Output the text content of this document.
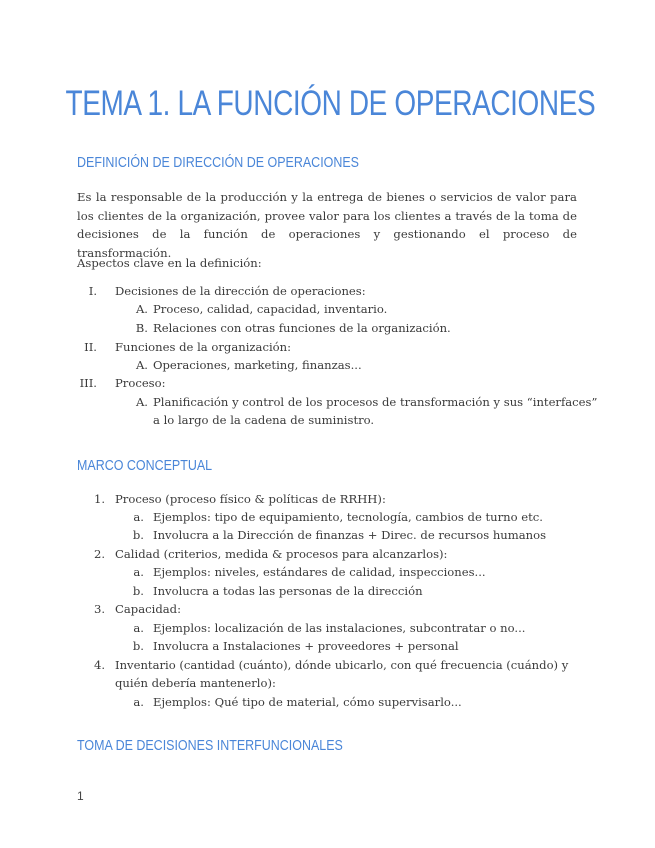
TEMA 1. LA FUNCIÓN DE OPERACIONES
DEFINICIÓN DE DIRECCIÓN DE OPERACIONES
Es la responsable de la producción y la entrega de bienes o servicios de valor para los clientes de la organización, provee valor para los clientes a través de la toma de decisiones de la función de operaciones y gestionando el proceso de transformación.
Aspectos clave en la definición:
I. Decisiones de la dirección de operaciones:
A. Proceso, calidad, capacidad, inventario.
B. Relaciones con otras funciones de la organización.
II. Funciones de la organización:
A. Operaciones, marketing, finanzas...
III. Proceso:
A. Planificación y control de los procesos de transformación y sus “interfaces”
a lo largo de la cadena de suministro.
MARCO CONCEPTUAL
1. Proceso (proceso físico & políticas de RRHH):
a. Ejemplos: tipo de equipamiento, tecnología, cambios de turno etc.
b. Involucra a la Dirección de finanzas + Direc. de recursos humanos
2. Calidad (criterios, medida & procesos para alcanzarlos):
a. Ejemplos: niveles, estándares de calidad, inspecciones...
b. Involucra a todas las personas de la dirección
3. Capacidad:
a. Ejemplos: localización de las instalaciones, subcontratar o no...
b. Involucra a Instalaciones + proveedores + personal
4. Inventario (cantidad (cuánto), dónde ubicarlo, con qué frecuencia (cuándo) y
quién debería mantenerlo):
a. Ejemplos: Qué tipo de material, cómo supervisarlo...
TOMA DE DECISIONES INTERFUNCIONALES
1
